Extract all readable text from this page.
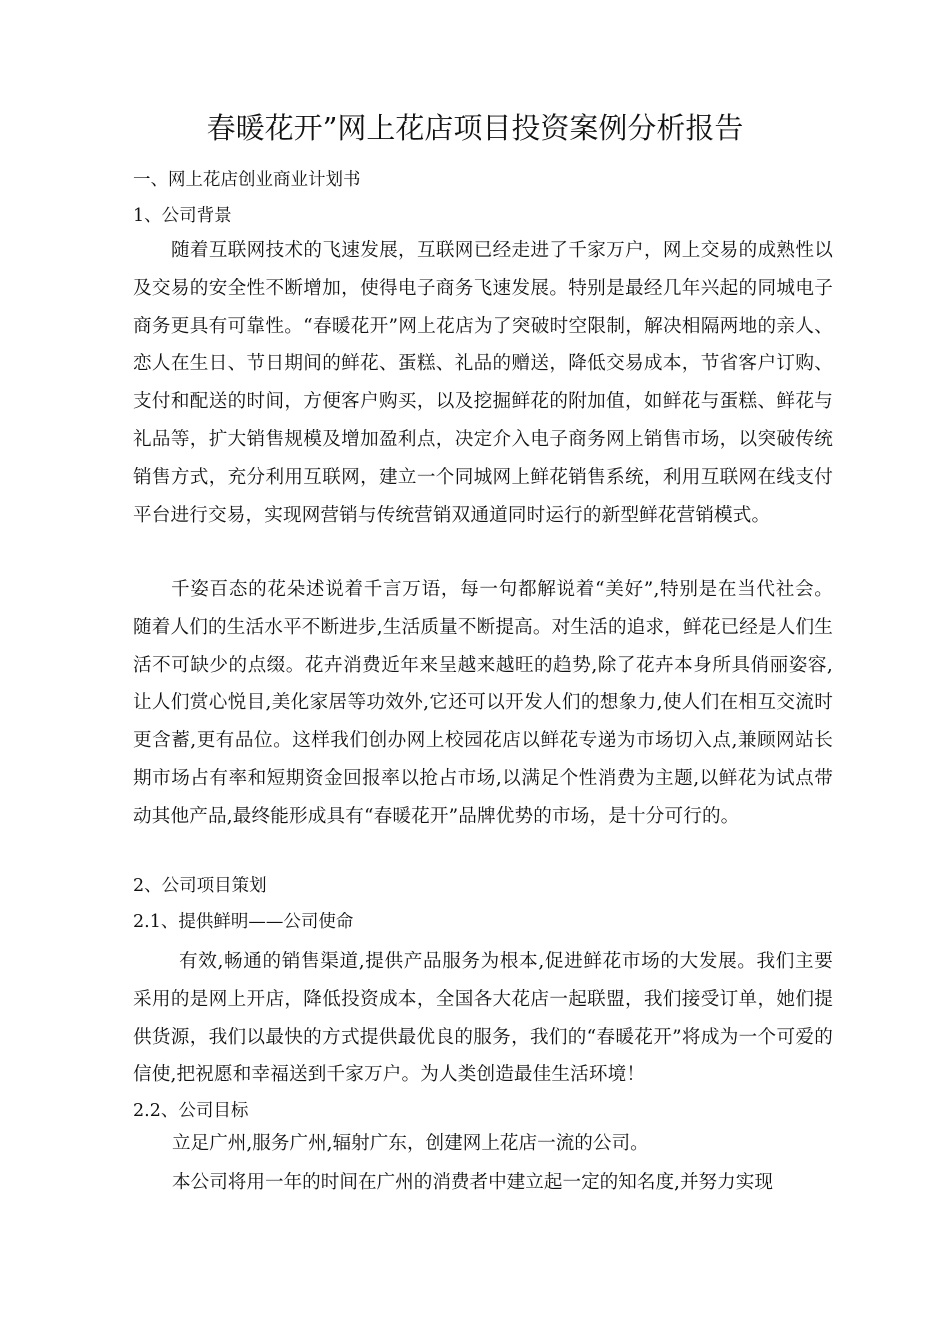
春暖花开”网上花店项目投资案例分析报告
一、网上花店创业商业计划书
1、公司背景

随着互联网技术的飞速发展，互联网已经走进了千家万户，网上交易的成熟性以及交易的安全性不断增加，使得电子商务飞速发展。特别是最经几年兴起的同城电子商务更具有可靠性。“春暖花开”网上花店为了突破时空限制，解决相隔两地的亲人、恋人在生日、节日期间的鲜花、蛋糕、礼品的赠送，降低交易成本，节省客户订购、支付和配送的时间，方便客户购买，以及挖掘鲜花的附加值，如鲜花与蛋糕、鲜花与礼品等，扩大销售规模及增加盈利点，决定介入电子商务网上销售市场，以突破传统销售方式，充分利用互联网，建立一个同城网上鲜花销售系统，利用互联网在线支付平台进行交易，实现网营销与传统营销双通道同时运行的新型鲜花营销模式。

千姿百态的花朵述说着千言万语，每一句都解说着“美好”,特别是在当代社会。随着人们的生活水平不断进步,生活质量不断提高。对生活的追求，鲜花已经是人们生活不可缺少的点缀。花卉消费近年来呈越来越旺的趋势,除了花卉本身所具俏丽姿容,让人们赏心悦目,美化家居等功效外,它还可以开发人们的想象力,使人们在相互交流时更含蓄,更有品位。这样我们创办网上校园花店以鲜花专递为市场切入点,兼顾网站长期市场占有率和短期资金回报率以抢占市场,以满足个性消费为主题,以鲜花为试点带动其他产品,最终能形成具有“春暖花开”品牌优势的市场，是十分可行的。

2、公司项目策划
2.1、提供鲜明——公司使命

有效,畅通的销售渠道,提供产品服务为根本,促进鲜花市场的大发展。我们主要采用的是网上开店，降低投资成本，全国各大花店一起联盟，我们接受订单，她们提供货源，我们以最快的方式提供最优良的服务，我们的“春暖花开”将成为一个可爱的信使,把祝愿和幸福送到千家万户。为人类创造最佳生活环境！

2.2、公司目标
立足广州,服务广州,辐射广东，创建网上花店一流的公司。
本公司将用一年的时间在广州的消费者中建立起一定的知名度,并努力实现
